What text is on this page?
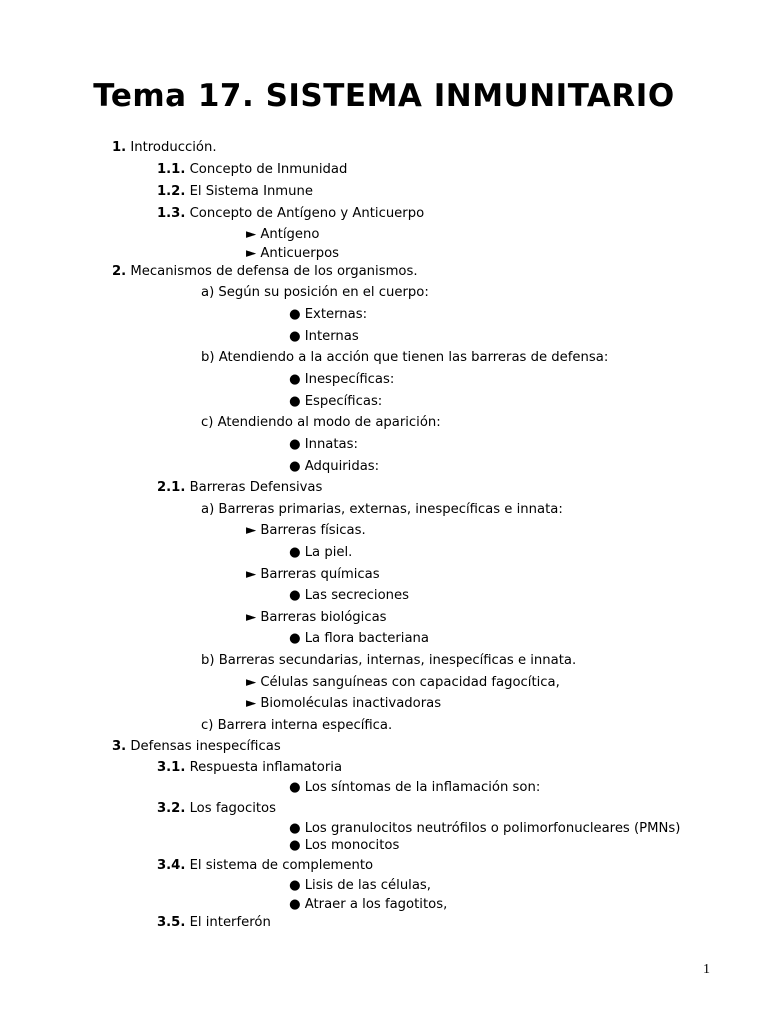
Tema 17. SISTEMA INMUNITARIO
1. Introducción.
1.1. Concepto de Inmunidad
1.2. El Sistema Inmune
1.3. Concepto de Antígeno y Anticuerpo
► Antígeno
► Anticuerpos
2. Mecanismos de defensa de los organismos.
a) Según su posición en el cuerpo:
● Externas:
● Internas
b) Atendiendo a la acción que tienen las barreras de defensa:
● Inespecíficas:
● Específicas:
c) Atendiendo al modo de aparición:
● Innatas:
● Adquiridas:
2.1. Barreras Defensivas
a) Barreras primarias, externas, inespecíficas e innata:
► Barreras físicas.
● La piel.
► Barreras químicas
● Las secreciones
► Barreras biológicas
● La flora bacteriana
b) Barreras secundarias, internas, inespecíficas e innata.
► Células sanguíneas con capacidad fagocítica,
► Biomoléculas inactivadoras
c) Barrera interna específica.
3. Defensas inespecíficas
3.1. Respuesta inflamatoria
● Los síntomas de la inflamación son:
3.2. Los fagocitos
● Los granulocitos neutrófilos o polimorfonucleares (PMNs)
● Los monocitos
3.4. El sistema de complemento
● Lisis de las células,
● Atraer a los fagotitos,
3.5. El interferón
1
